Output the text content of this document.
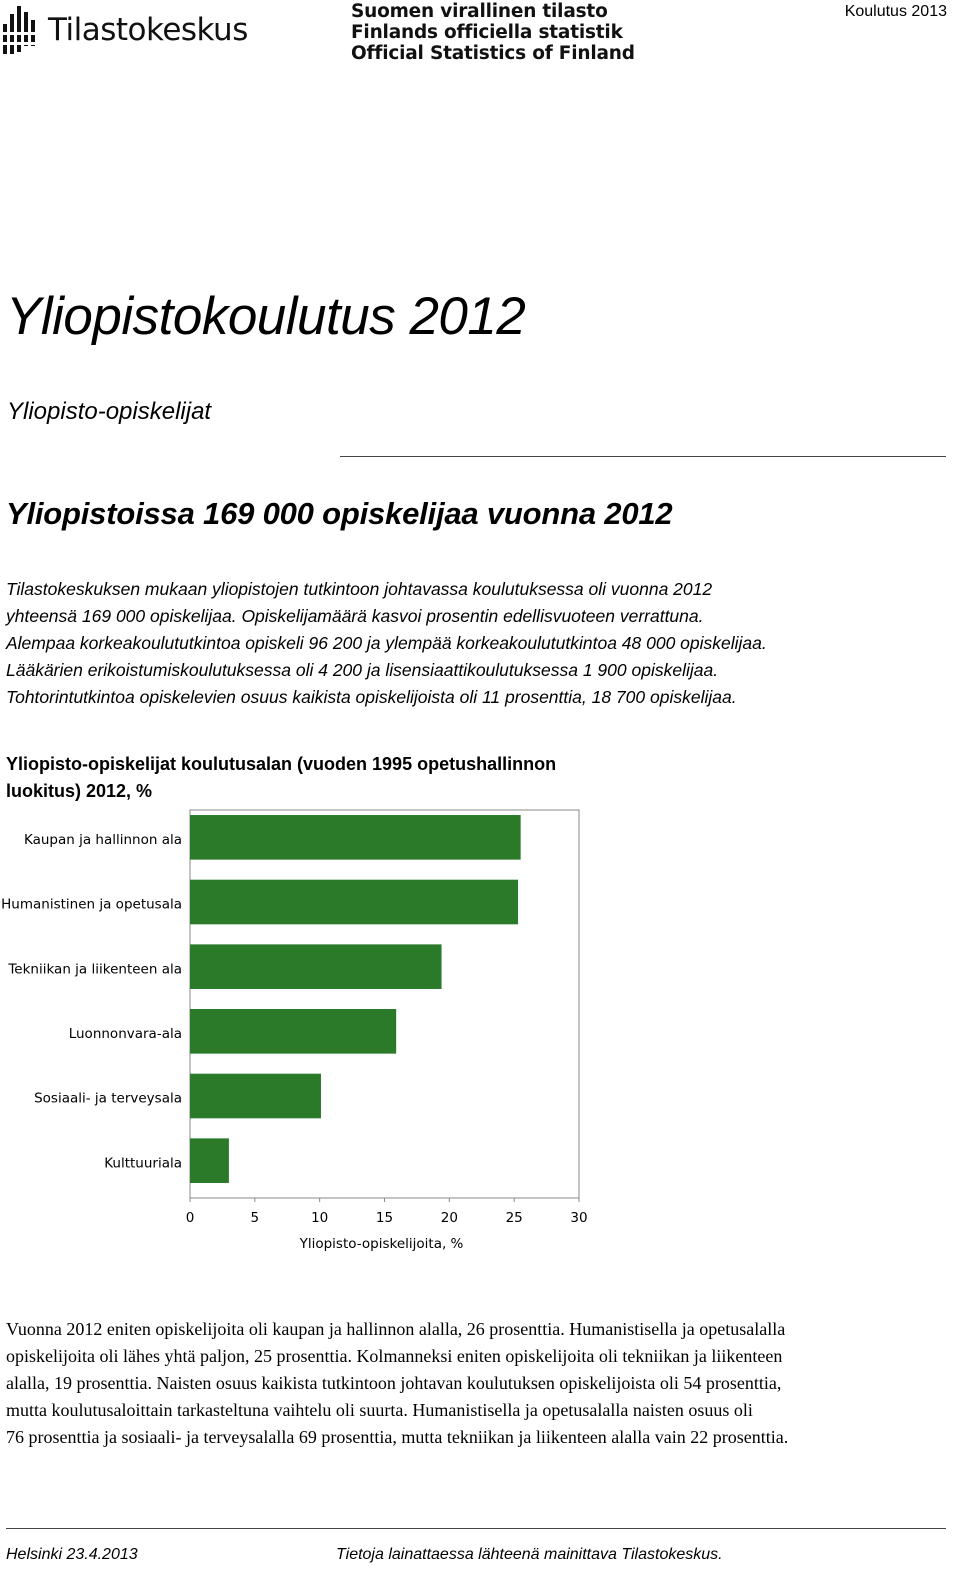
Tilastokeskus
Suomen virallinen tilasto
Finlands officiella statistik
Official Statistics of Finland
Koulutus 2013
Yliopistokoulutus 2012
Yliopisto-opiskelijat
Yliopistoissa 169 000 opiskelijaa vuonna 2012

Tilastokeskuksen mukaan yliopistojen tutkintoon johtavassa koulutuksessa oli vuonna 2012

yhteensä 169 000 opiskelijaa. Opiskelijamäärä kasvoi prosentin edellisvuoteen verrattuna.

Alempaa korkeakoulututkintoa opiskeli 96 200 ja ylempää korkeakoulututkintoa 48 000 opiskelijaa.

Lääkärien erikoistumiskoulutuksessa oli 4 200 ja lisensiaattikoulutuksessa 1 900 opiskelijaa.

Tohtorintutkintoa opiskelevien osuus kaikista opiskelijoista oli 11 prosenttia, 18 700 opiskelijaa.

Yliopisto-opiskelijat koulutusalan (vuoden 1995 opetushallinnon
luokitus) 2012, %
Kaupan ja hallinnon ala
Humanistinen ja opetusala
Tekniikan ja liikenteen ala
Luonnonvara-ala
Sosiaali- ja terveysala
Kulttuuriala
0	5	10	15	20	25	30
Yliopisto-opiskelijoita, %

Vuonna 2012 eniten opiskelijoita oli kaupan ja hallinnon alalla, 26 prosenttia. Humanistisella ja opetusalalla

opiskelijoita oli lähes yhtä paljon, 25 prosenttia. Kolmanneksi eniten opiskelijoita oli tekniikan ja liikenteen

alalla, 19 prosenttia. Naisten osuus kaikista tutkintoon johtavan koulutuksen opiskelijoista oli 54 prosenttia,

mutta koulutusaloittain tarkasteltuna vaihtelu oli suurta. Humanistisella ja opetusalalla naisten osuus oli

76 prosenttia ja sosiaali- ja terveysalalla 69 prosenttia, mutta tekniikan ja liikenteen alalla vain 22 prosenttia.

Helsinki 23.4.2013	Tietoja lainattaessa lähteenä mainittava Tilastokeskus.
